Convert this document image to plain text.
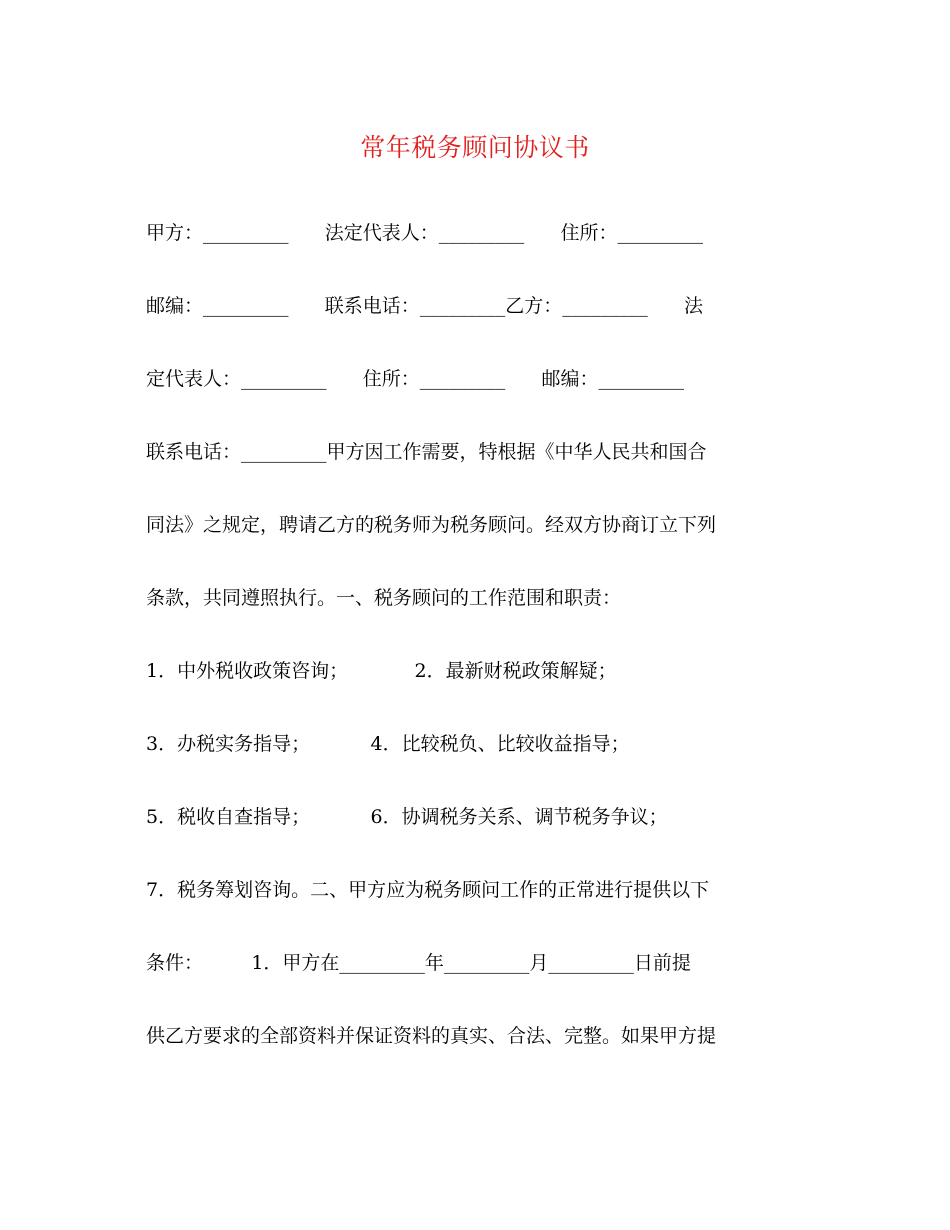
常年税务顾问协议书
甲方：_________      法定代表人：_________      住所：_________
邮编：_________      联系电话：_________乙方：_________      法
定代表人：_________      住所：_________      邮编：_________
联系电话：_________甲方因工作需要，特根据《中华人民共和国合
同法》之规定，聘请乙方的税务师为税务顾问。经双方协商订立下列
条款，共同遵照执行。一、税务顾问的工作范围和职责：
1．中外税收政策咨询；           2．最新财税政策解疑；
3．办税实务指导；          4．比较税负、比较收益指导；
5．税收自查指导；          6．协调税务关系、调节税务争议；
7．税务筹划咨询。二、甲方应为税务顾问工作的正常进行提供以下
条件：        1．甲方在_________年_________月_________日前提
供乙方要求的全部资料并保证资料的真实、合法、完整。如果甲方提
